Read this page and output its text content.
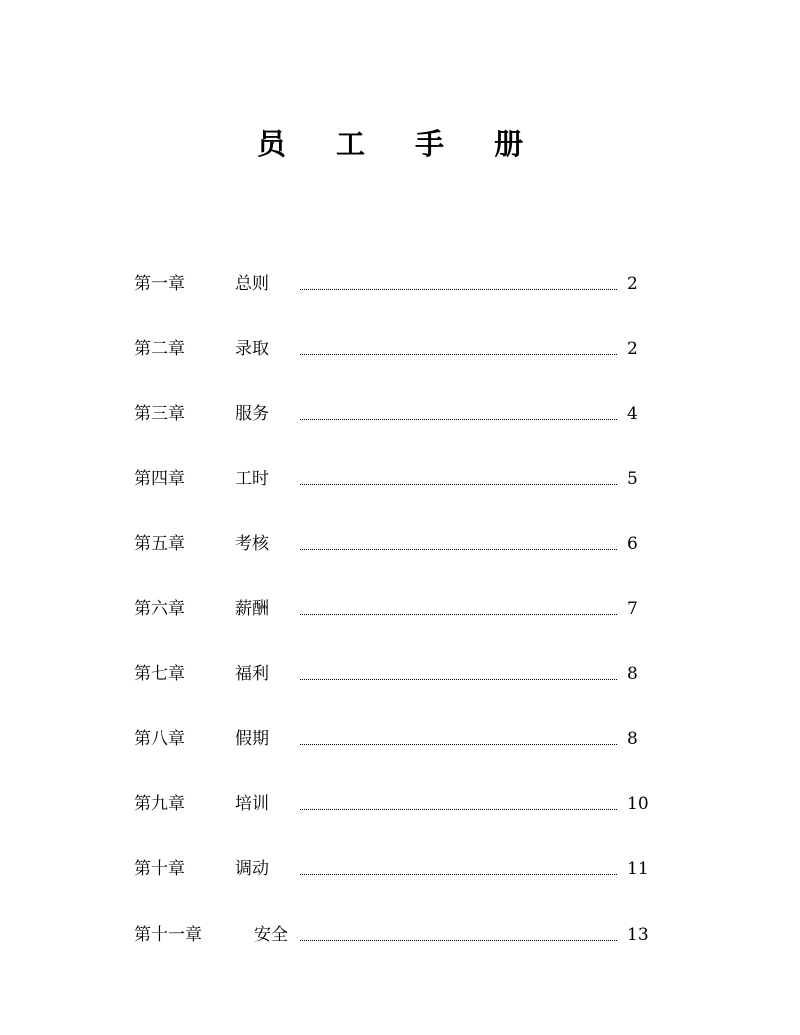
员 工 手 册
第一章	总则	2
第二章	录取	2
第三章	服务	4
第四章	工时	5
第五章	考核	6
第六章	薪酬	7
第七章	福利	8
第八章	假期	8
第九章	培训	10
第十章	调动	11
第十一章	安全	13
